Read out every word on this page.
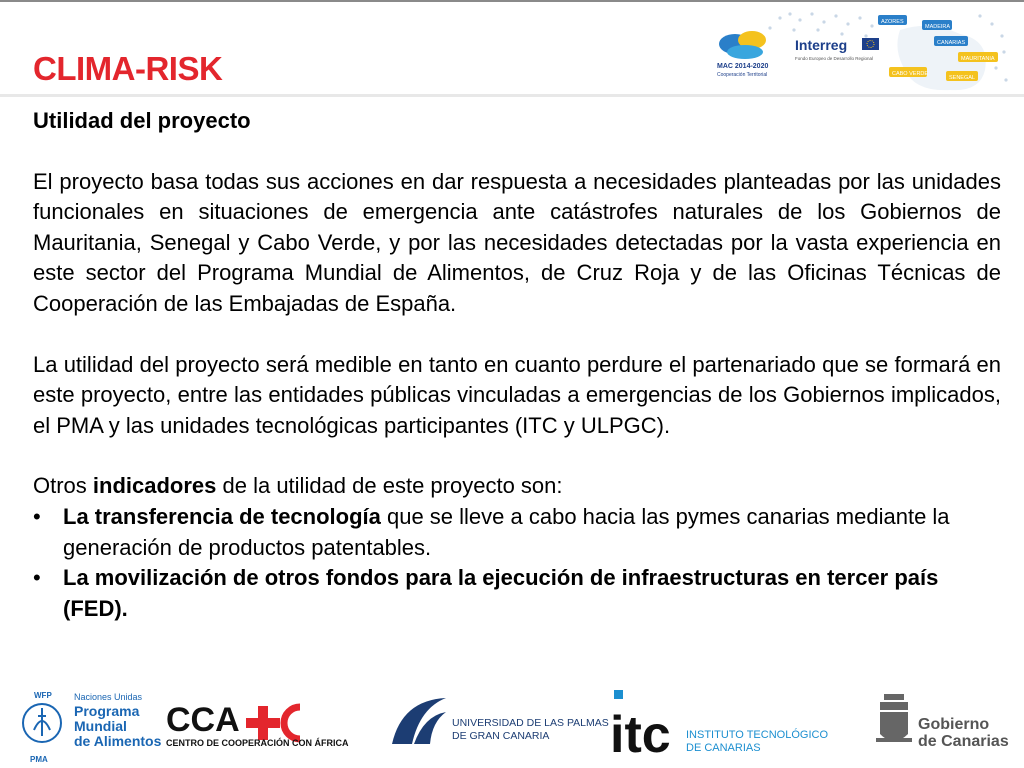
MAC 2014-2020
Cooperación Territorial
Interreg
Fondo Europeo de Desarrollo Regional
AZORES
MADEIRA
CANARIAS
MAURITANIA
CABO VERDE
SENEGAL
CLIMA-RISK

Utilidad del proyecto

El proyecto basa todas sus acciones en dar respuesta a necesidades planteadas por las unidades funcionales en situaciones de emergencia ante catástrofes naturales de los Gobiernos de Mauritania, Senegal y Cabo Verde, y por las necesidades detectadas por la vasta experiencia en este sector del Programa Mundial de Alimentos, de Cruz Roja y de las Oficinas Técnicas de Cooperación de las Embajadas de España.

La utilidad del proyecto será medible en tanto en cuanto perdure el partenariado que se formará en este proyecto, entre las entidades públicas vinculadas a emergencias de los Gobiernos implicados, el PMA y las unidades tecnológicas participantes (ITC y ULPGC).

Otros indicadores de la utilidad de este proyecto son:

• La transferencia de tecnología que se lleve a cabo hacia las pymes canarias mediante la generación de productos patentables.
• La movilización de otros fondos para la ejecución de infraestructuras en tercer país (FED).
WFP
PMA
Naciones Unidas
Programa
Mundial
de Alimentos
CCA
CENTRO DE COOPERACIÓN CON ÁFRICA
UNIVERSIDAD DE LAS PALMAS
DE GRAN CANARIA itc INSTITUTO TECNOLÓGICO
DE CANARIAS
Gobierno
de Canarias
